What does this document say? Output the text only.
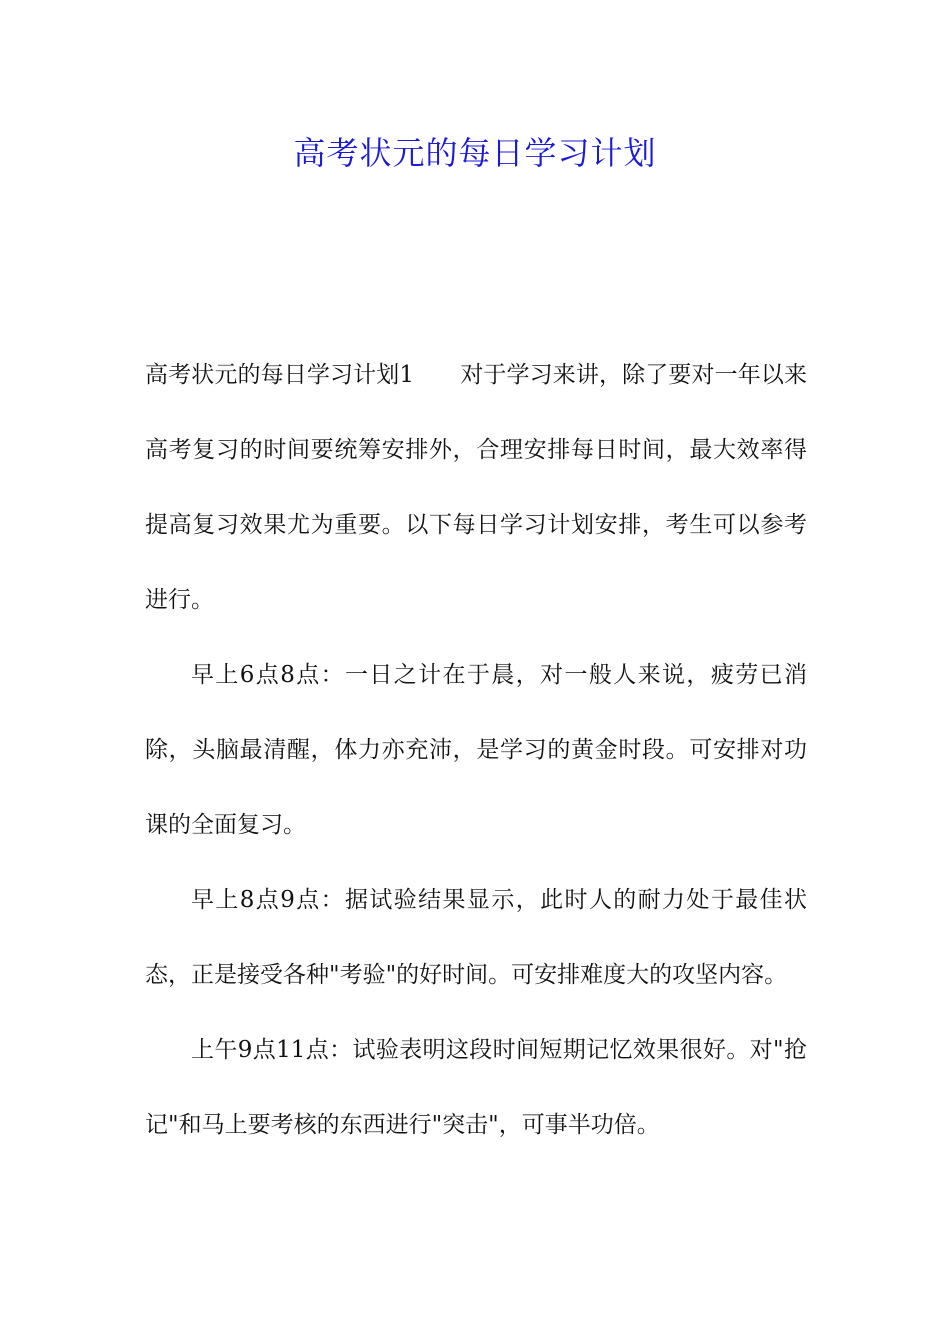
高考状元的每日学习计划

高考状元的每日学习计划1　　对于学习来讲，除了要对一年以来高考复习的时间要统筹安排外，合理安排每日时间，最大效率得提高复习效果尤为重要。以下每日学习计划安排，考生可以参考进行。

早上6点8点：一日之计在于晨，对一般人来说，疲劳已消除，头脑最清醒，体力亦充沛，是学习的黄金时段。可安排对功课的全面复习。

早上8点9点：据试验结果显示，此时人的耐力处于最佳状态，正是接受各种"考验"的好时间。可安排难度大的攻坚内容。

上午9点11点：试验表明这段时间短期记忆效果很好。对"抢记"和马上要考核的东西进行"突击"，可事半功倍。
